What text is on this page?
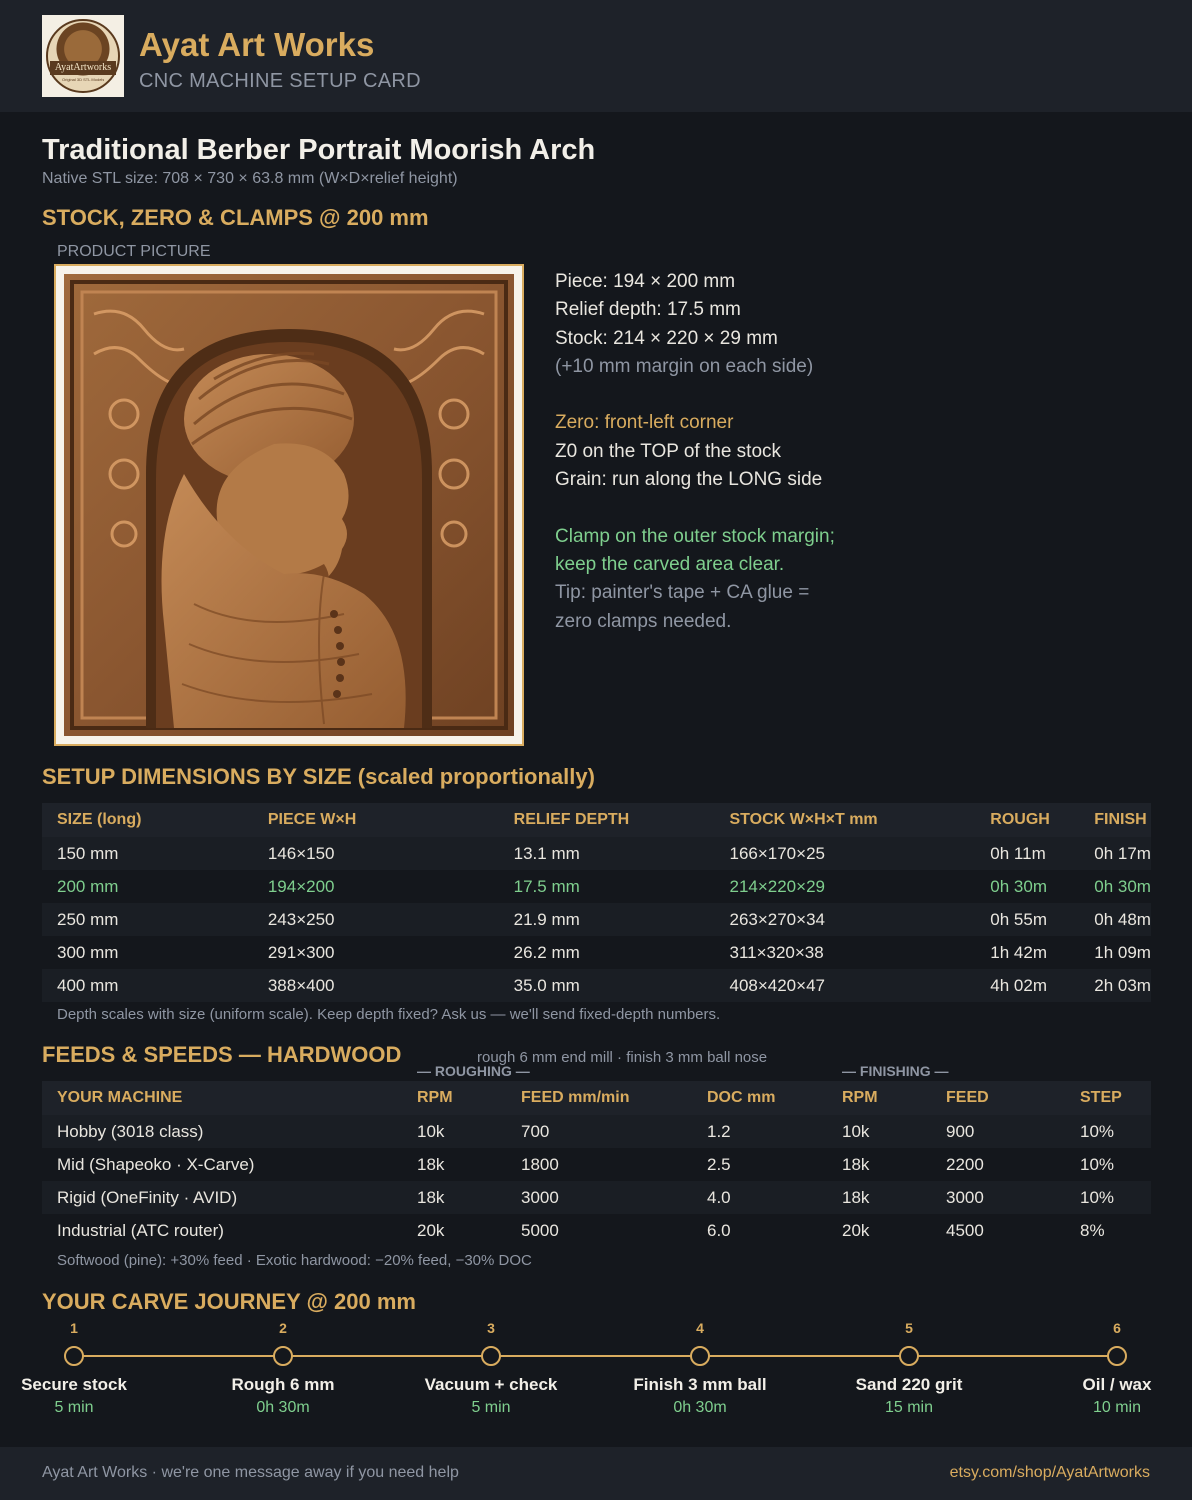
AyatArtworks
Original 3D STL Models
Ayat Art Works
CNC MACHINE SETUP CARD
Traditional Berber Portrait Moorish Arch
Native STL size: 708 × 730 × 63.8 mm (W×D×relief height)
STOCK, ZERO & CLAMPS @ 200 mm
PRODUCT PICTURE
Piece: 194 × 200 mm
Relief depth: 17.5 mm
Stock: 214 × 220 × 29 mm
(+10 mm margin on each side)
Zero: front-left corner
Z0 on the TOP of the stock
Grain: run along the LONG side
Clamp on the outer stock margin;
keep the carved area clear.
Tip: painter's tape + CA glue =
zero clamps needed.
SETUP DIMENSIONS BY SIZE (scaled proportionally)
SIZE (long)	PIECE W×H	RELIEF DEPTH	STOCK W×H×T mm	ROUGH	FINISH
150 mm	146×150	13.1 mm	166×170×25	0h 11m	0h 17m
200 mm	194×200	17.5 mm	214×220×29	0h 30m	0h 30m
250 mm	243×250	21.9 mm	263×270×34	0h 55m	0h 48m
300 mm	291×300	26.2 mm	311×320×38	1h 42m	1h 09m
400 mm	388×400	35.0 mm	408×420×47	4h 02m	2h 03m
Depth scales with size (uniform scale). Keep depth fixed? Ask us — we'll send fixed-depth numbers.
FEEDS & SPEEDS — HARDWOOD	rough 6 mm end mill · finish 3 mm ball nose
— ROUGHING —	— FINISHING —
YOUR MACHINE	RPM	FEED mm/min	DOC mm	RPM	FEED	STEP
Hobby (3018 class)	10k	700	1.2	10k	900	10%
Mid (Shapeoko · X-Carve)	18k	1800	2.5	18k	2200	10%
Rigid (OneFinity · AVID)	18k	3000	4.0	18k	3000	10%
Industrial (ATC router)	20k	5000	6.0	20k	4500	8%
Softwood (pine): +30% feed · Exotic hardwood: −20% feed, −30% DOC
YOUR CARVE JOURNEY @ 200 mm
1
Secure stock
5 min
2
Rough 6 mm
0h 30m
3
Vacuum + check
5 min
4
Finish 3 mm ball
0h 30m
5
Sand 220 grit
15 min
6
Oil / wax
10 min
Ayat Art Works · we're one message away if you need help	etsy.com/shop/AyatArtworks
